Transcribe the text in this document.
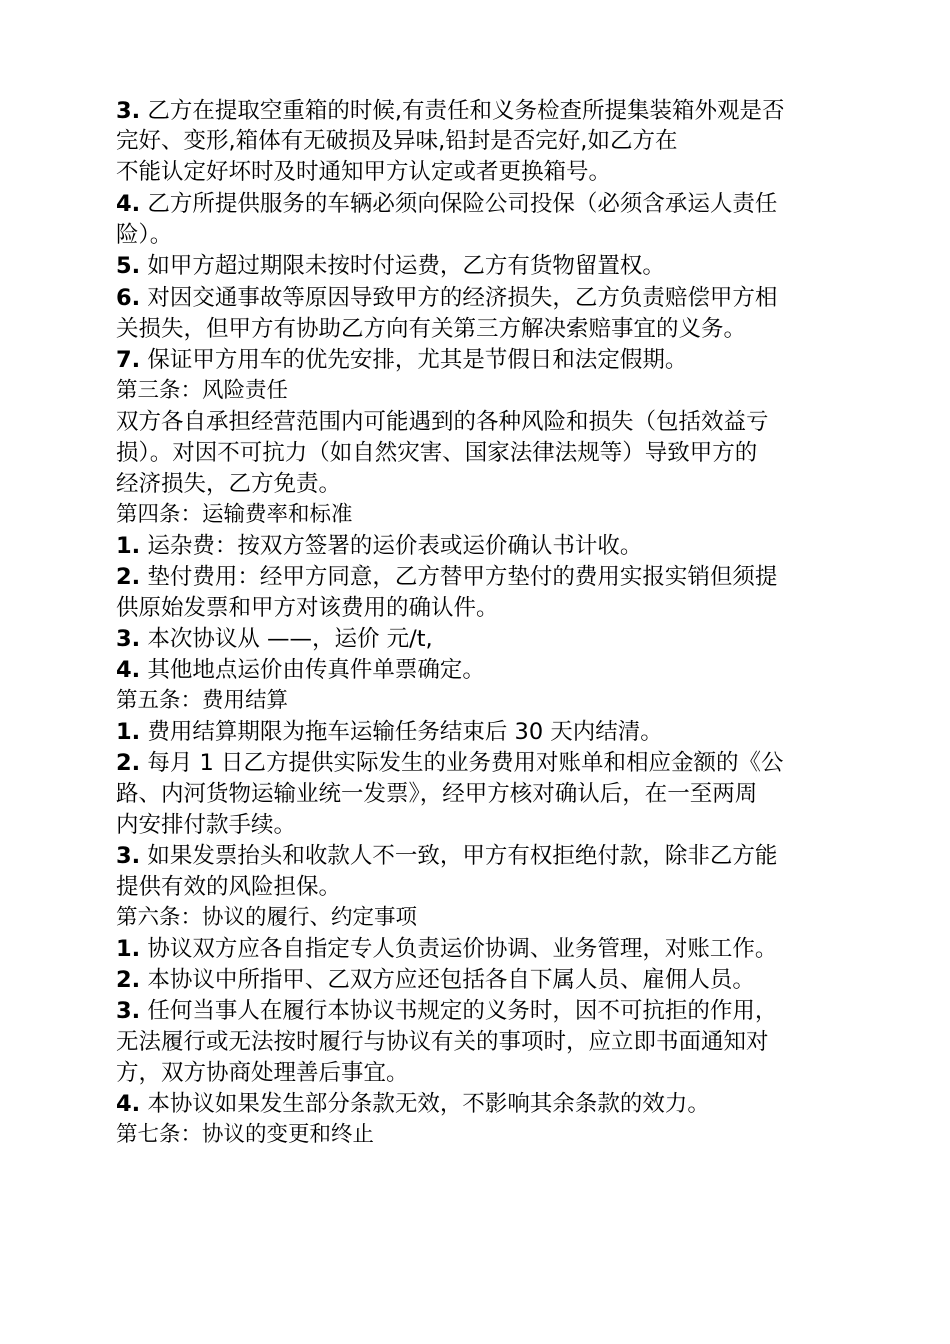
3. 乙方在提取空重箱的时候,有责任和义务检查所提集装箱外观是否

完好、变形,箱体有无破损及异味,铅封是否完好,如乙方在

不能认定好坏时及时通知甲方认定或者更换箱号。

4. 乙方所提供服务的车辆必须向保险公司投保（必须含承运人责任

险）。

5. 如甲方超过期限未按时付运费，乙方有货物留置权。

6. 对因交通事故等原因导致甲方的经济损失，乙方负责赔偿甲方相

关损失，但甲方有协助乙方向有关第三方解决索赔事宜的义务。

7. 保证甲方用车的优先安排，尤其是节假日和法定假期。

第三条：风险责任

双方各自承担经营范围内可能遇到的各种风险和损失（包括效益亏

损）。对因不可抗力（如自然灾害、国家法律法规等）导致甲方的

经济损失，乙方免责。

第四条：运输费率和标准

1. 运杂费：按双方签署的运价表或运价确认书计收。

2. 垫付费用：经甲方同意，乙方替甲方垫付的费用实报实销但须提

供原始发票和甲方对该费用的确认件。

3. 本次协议从 ——，运价 元/t,

4. 其他地点运价由传真件单票确定。

第五条：费用结算

1. 费用结算期限为拖车运输任务结束后 30 天内结清。

2. 每月 1 日乙方提供实际发生的业务费用对账单和相应金额的《公

路、内河货物运输业统一发票》，经甲方核对确认后，在一至两周

内安排付款手续。

3. 如果发票抬头和收款人不一致，甲方有权拒绝付款，除非乙方能

提供有效的风险担保。

第六条：协议的履行、约定事项

1. 协议双方应各自指定专人负责运价协调、业务管理，对账工作。

2. 本协议中所指甲、乙双方应还包括各自下属人员、雇佣人员。

3. 任何当事人在履行本协议书规定的义务时，因不可抗拒的作用，

无法履行或无法按时履行与协议有关的事项时，应立即书面通知对

方，双方协商处理善后事宜。

4. 本协议如果发生部分条款无效，不影响其余条款的效力。

第七条：协议的变更和终止
